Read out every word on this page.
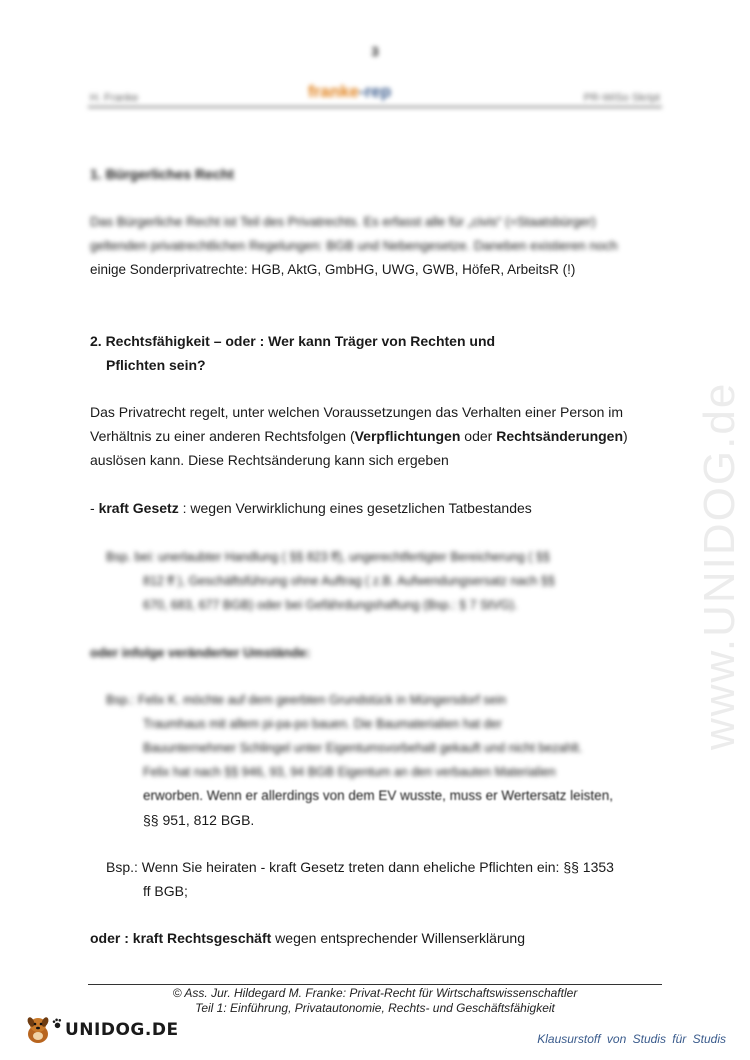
3
H. Franke	franke-rep	PR-WiSo Skript
www.UNIDOG.de
1. Bürgerliches Recht
Das Bürgerliche Recht ist Teil des Privatrechts. Es erfasst alle für „civis“ (=Staatsbürger)
geltenden privatrechtlichen Regelungen: BGB und Nebengesetze. Daneben existieren noch
einige Sonderprivatrechte: HGB, AktG, GmbHG, UWG, GWB, HöfeR, ArbeitsR (!)
2. Rechtsfähigkeit – oder : Wer kann Träger von Rechten und
Pflichten sein?
Das Privatrecht regelt, unter welchen Voraussetzungen das Verhalten einer Person im
Verhältnis zu einer anderen Rechtsfolgen (Verpflichtungen oder Rechtsänderungen)
auslösen kann. Diese Rechtsänderung kann sich ergeben
- kraft Gesetz : wegen Verwirklichung eines gesetzlichen Tatbestandes
Bsp. bei: unerlaubter Handlung ( §§ 823 ff), ungerechtfertigter Bereicherung ( §§
812 ff ), Geschäftsführung ohne Auftrag ( z.B. Aufwendungsersatz nach §§
670, 683, 677 BGB) oder bei Gefährdungshaftung (Bsp.: § 7 StVG).
oder infolge veränderter Umstände:
Bsp.: Felix K. möchte auf dem geerbten Grundstück in Müngersdorf sein
Traumhaus mit allem pi-pa-po bauen. Die Baumaterialien hat der
Bauunternehmer Schlingel unter Eigentumsvorbehalt gekauft und nicht bezahlt.
Felix hat nach §§ 946, 93, 94 BGB Eigentum an den verbauten Materialien
erworben. Wenn er allerdings von dem EV wusste, muss er Wertersatz leisten,
§§ 951, 812 BGB.
Bsp.: Wenn Sie heiraten - kraft Gesetz treten dann eheliche Pflichten ein: §§ 1353
ff BGB;
oder : kraft Rechtsgeschäft wegen entsprechender Willenserklärung
© Ass. Jur. Hildegard M. Franke: Privat-Recht für Wirtschaftswissenschaftler
Teil 1: Einführung, Privatautonomie, Rechts- und Geschäftsfähigkeit
UNIDOG.DE	Klausurstoff von Studis für Studis
